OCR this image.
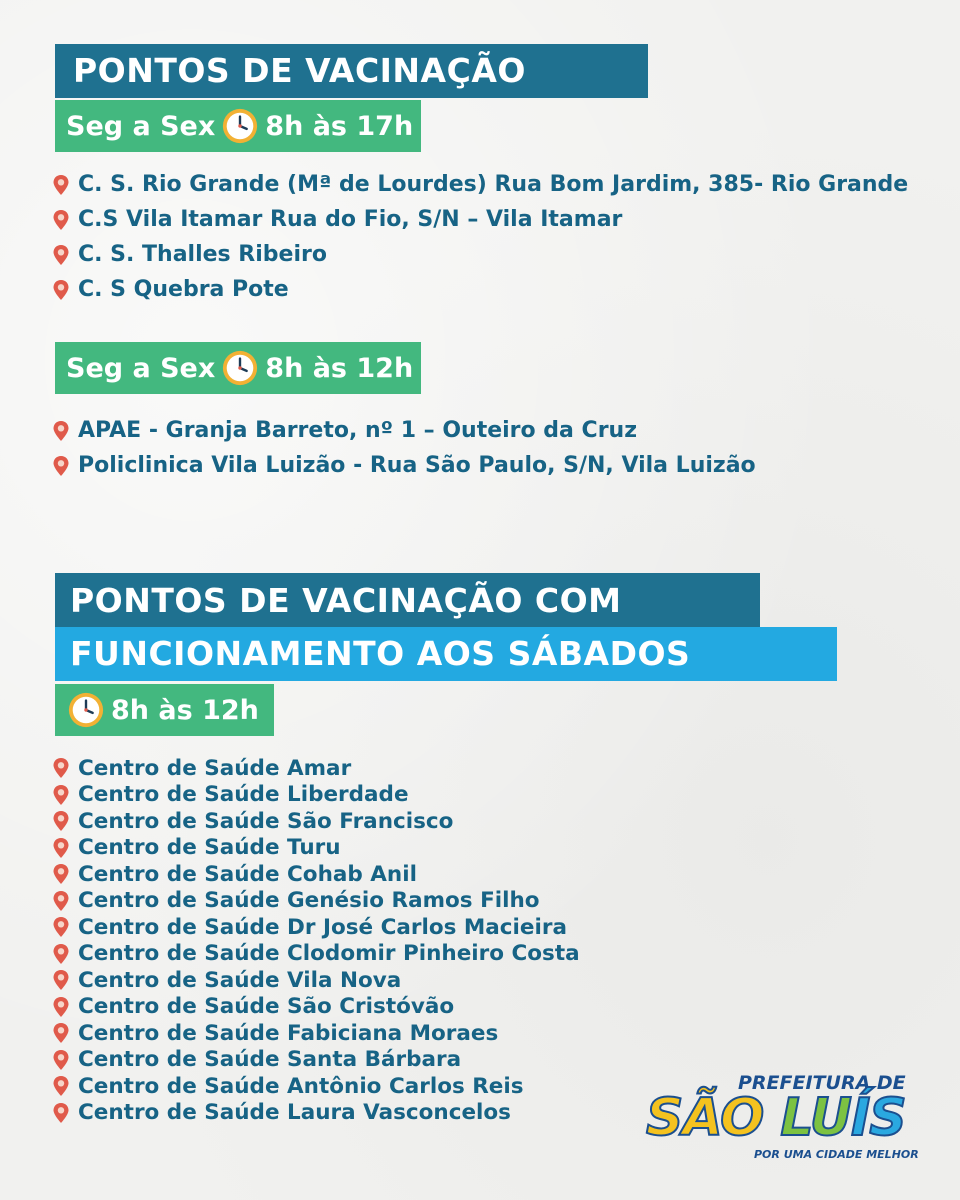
PONTOS DE VACINAÇÃO
Seg a Sex 8h às 17h
C. S. Rio Grande (Mª de Lourdes) Rua Bom Jardim, 385- Rio Grande
C.S Vila Itamar Rua do Fio, S/N – Vila Itamar
C. S. Thalles Ribeiro
C. S Quebra Pote
Seg a Sex 8h às 12h
APAE - Granja Barreto, nº 1 – Outeiro da Cruz
Policlinica Vila Luizão - Rua São Paulo, S/N, Vila Luizão
PONTOS DE VACINAÇÃO COM
FUNCIONAMENTO AOS SÁBADOS
8h às 12h
Centro de Saúde Amar
Centro de Saúde Liberdade
Centro de Saúde São Francisco
Centro de Saúde Turu
Centro de Saúde Cohab Anil
Centro de Saúde Genésio Ramos Filho
Centro de Saúde Dr José Carlos Macieira
Centro de Saúde Clodomir Pinheiro Costa
Centro de Saúde Vila Nova
Centro de Saúde São Cristóvão
Centro de Saúde Fabiciana Moraes
Centro de Saúde Santa Bárbara
Centro de Saúde Antônio Carlos Reis
Centro de Saúde Laura Vasconcelos
PREFEITURA DE
SÃO LUÍS
POR UMA CIDADE MELHOR
